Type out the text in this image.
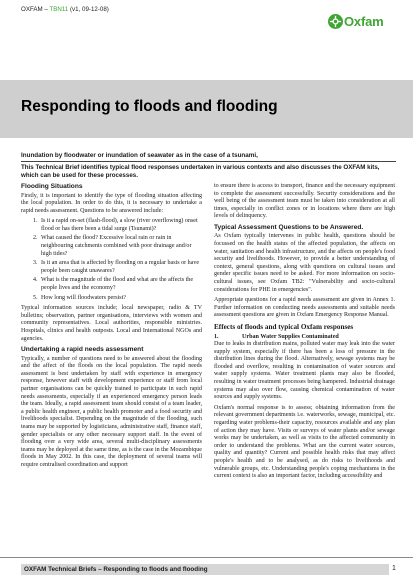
OXFAM – TBN11 (v1, 09-12-08)
Oxfam
Responding to floods and flooding
Inundation by floodwater or inundation of seawater as in the case of a tsunami,
This Technical Brief identifies typical flood responses undertaken in various contexts and also discusses the OXFAM kits, which can be used for these processes.
Flooding Situations

Firstly, it is important to identify the type of flooding situation affecting the local population. In order to do this, it is necessary to undertake a rapid needs assessment. Questions to be answered include:

1. Is it a rapid on-set (flash-flood), a slow (river overflowing) onset flood or has there been a tidal surge (Tsunami)?
2. What caused the flood? Excessive local rain or rain in neighbouring catchments combined with poor drainage and/or high tides?
3. Is it an area that is affected by flooding on a regular basis or have people been caught unawares?
4. What is the magnitude of the flood and what are the affects the people lives and the economy?
5. How long will floodwaters persist?

Typical information sources include; local newspaper, radio & TV bulletins; observation, partner organisations, interviews with women and community representatives. Local authorities, responsible ministries. Hospitals, clinics and health outposts. Local and International NGOs and agencies.

Undertaking a rapid needs assessment

Typically, a number of questions need to be answered about the flooding and the affect of the floods on the local population. The rapid needs assessment is best undertaken by staff with experience in emergency response, however staff with development experience or staff from local partner organisations can be quickly trained to participate in such rapid needs assessments, especially if an experienced emergency person leads the team. Ideally, a rapid assessment team should consist of a team leader, a public health engineer, a public health promoter and a food security and livelihoods specialist. Depending on the magnitude of the flooding, such teams may be supported by logisticians, administrative staff, finance staff, gender specialists or any other necessary support staff. In the event of flooding over a very wide area, several multi-disciplinary assessments teams may be deployed at the same time, as is the case in the Mozambique floods in May 2002. In this case, the deployment of several teams will require centralised coordination and support

to ensure there is access to transport, finance and the necessary equipment to complete the assessment successfully. Security considerations and the well being of the assessment team must be taken into consideration at all times, especially in conflict zones or in locations where there are high levels of delinquency.

Typical Assessment Questions to be Answered.

As Oxfam typically intervenes in public health, questions should be focussed on the health status of the affected population, the affects on water, sanitation and health infrastructure, and the affects on people's food security and livelihoods. However, to provide a better understanding of context, general questions, along with questions on cultural issues and gender specific issues need to be asked. For more information on socio-cultural issues, see Oxfam TB2: "Vulnerability and socio-cultural considerations for PHE in emergencies".

Appropriate questions for a rapid needs assessment are given in Annex 1. Further information on conducting needs assessments and suitable needs assessment questions are given in Oxfam Emergency Response Manual.

Effects of floods and typical Oxfam responses
1.	Urban Water Supplies Contaminated

Due to leaks in distribution mains, polluted water may leak into the water supply system, especially if there has been a loss of pressure in the distribution lines during the flood. Alternatively, sewage systems may be flooded and overflow, resulting in contamination of water sources and water supply systems. Water treatment plants may also be flooded, resulting in water treatment processes being hampered. Industrial drainage systems may also over flow, causing chemical contamination of water sources and supply systems.

Oxfam's normal response is to assess; obtaining information from the relevant government departments i.e. waterworks, sewage, municipal, etc. regarding water problems-their capacity, resources available and any plan of action they may have. Visits or surveys of water plants and/or sewage works may be undertaken, as well as visits to the affected community in order to understand the problems. What are the current water sources, quality and quantity? Current and possible health risks that may affect people's health and to be analysed, as do risks to livelihoods and vulnerable groups, etc. Understanding people's coping mechanisms in the current context is also an important factor, including accessibility and

OXFAM Technical Briefs – Responding to floods and flooding	1
